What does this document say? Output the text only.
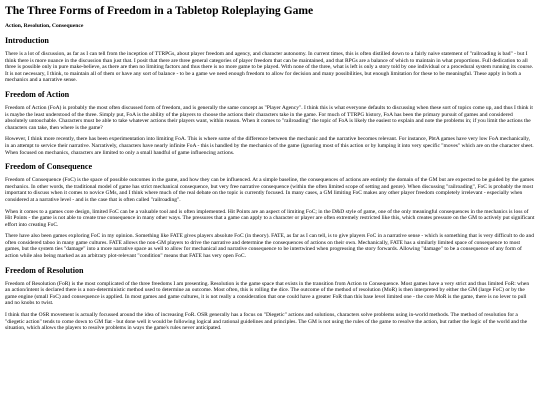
The Three Forms of Freedom in a Tabletop Roleplaying Game
Action, Resolution, Consequence
Introduction

There is a lot of discussion, as far as I can tell from the inception of TTRPGs, about player freedom and agency, and character autonomy. In current times, this is often distilled down to a fairly naive statement of "railroading is bad" - but I think there is more nuance in the discussion than just that. I posit that there are three general categories of player freedom that can be maintained, and that RPGs are a balance of which to maintain in what proportions. Full dedication to all three is possible only in pure make-believe, as there are then no limiting factors and thus there is no more game to be played. With none of the three, what is left is only a story told by one individual or a procedural system running its course. It is not necessary, I think, to maintain all of them or have any sort of balance - to be a game we need enough freedom to allow for decision and many possibilities, but enough limitation for these to be meaningful. These apply in both a mechanics and a narrative sense.

Freedom of Action

Freedom of Action (FoA) is probably the most often discussed form of freedom, and is generally the same concept as "Player Agency". I think this is what everyone defaults to discussing when these sort of topics come up, and thus I think it is maybe the least understood of the three. Simply put, FoA is the ability of the players to choose the actions their characters take in the game. For much of TTRPG history, FoA has been the primary pursuit of games and considered absolutely untouchable. Characters must be able to take whatever actions their players want, within reason. When it comes to "railroading" the topic of FoA is likely the easiest to explain and note the problems in; if you limit the actions the characters can take, then where is the game?

However, I think more recently, there has been experimentation into limiting FoA. This is where some of the difference between the mechanic and the narrative becomes relevant. For instance, PbtA games have very low FoA mechanically, in an attempt to service their narrative. Narratively, characters have nearly infinite FoA - this is handled by the mechanics of the game (ignoring most of this action or by lumping it into very specific "moves" which are on the character sheet. When focused on mechanics, characters are limited to only a small handful of game influencing actions.

Freedom of Consequence

Freedom of Consequence (FoC) is the space of possible outcomes in the game, and how they can be influenced. At a simple baseline, the consequences of actions are entirely the domain of the GM but are expected to be guided by the games mechanics. In other words, the traditional model of game has strict mechanical consequence, but very free narrative consequence (within the often limited scope of setting and genre). When discussing "railroading", FoC is probably the most important to discuss when it comes to novice GMs, and I think where much of the real debate on the topic is currently focused. In many cases, a GM limiting FoC makes any other player freedom completely irrelevant - especially when considered at a narrative level - and is the case that is often called "railroading".

When it comes to a games core design, limited FoC can be a valuable tool and is often implemented. Hit Points are an aspect of limiting FoC; in the D&D style of game, one of the only meaningful consequences in the mechanics is loss of Hit Points - the game is not able to create true consequence in many other ways. The pressures that a game can apply to a character or player are often extremely restricted like this, which creates pressure on the GM to actively put significant effort into creating FoC.

There have also been games exploring FoC in my opinion. Something like FATE gives players absolute FoC (in theory). FATE, as far as I can tell, is to give players FoC in a narrative sense - which is something that is very difficult to do and often considered taboo in many game cultures. FATE allows the non-GM players to drive the narrative and determine the consequences of actions on their own. Mechanically, FATE has a similarly limited space of consequence to most games, but the system ties "damage" into a more narrative space as well to allow for mechanical and narrative consequence to be intertwined when progressing the story forwards. Allowing "damage" to be a consequence of any form of action while also being marked as an arbitrary plot-relevant "condition" means that FATE has very open FoC.

Freedom of Resolution

Freedom of Resolution (FoR) is the most complicated of the three freedoms I am presenting. Resolution is the game space that exists in the transition from Action to Consequence. Most games have a very strict and thus limited FoR: when an action/intent is declared there is a non-deterministic method used to determine an outcome. Most often, this is rolling the dice. The outcome of the method of resolution (MoR) is then interpreted by either the GM (large FoC) or by the game engine (small FoC) and consequence is applied. In most games and game cultures, it is not really a consideration that one could have a greater FoR than this base level limited one - the core MoR is the game, there is no lever to pull and no knobs to twist.

I think that the OSR movement is actually focussed around the idea of increasing FoR. OSR generally has a focus on "Diegetic" actions and solutions, characters solve problems using in-world methods. The method of resolution for a "diegetic action" tends to come down to GM fiat - but done well it would be following logical and rational guidelines and principles. The GM is not using the rules of the game to resolve the action, but rather the logic of the world and the situation, which allows the players to resolve problems in ways the game's rules never anticipated.
